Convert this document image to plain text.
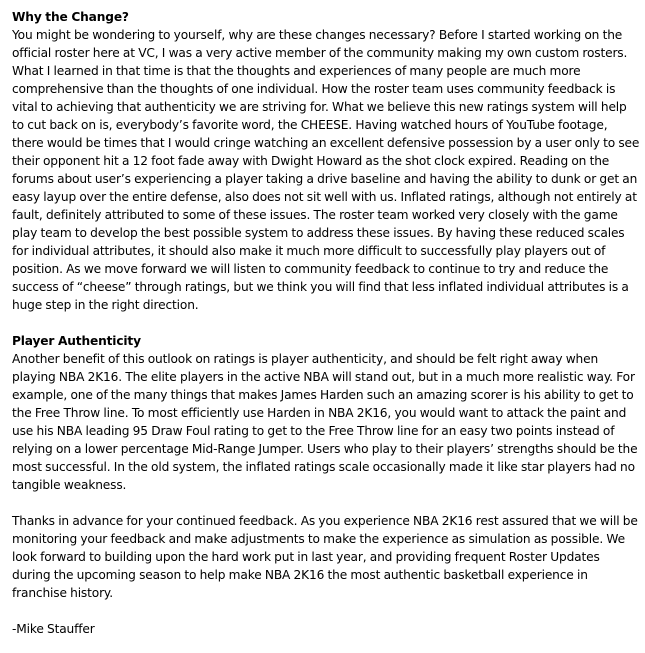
Why the Change?

You might be wondering to yourself, why are these changes necessary? Before I started working on the official roster here at VC, I was a very active member of the community making my own custom rosters. What I learned in that time is that the thoughts and experiences of many people are much more comprehensive than the thoughts of one individual. How the roster team uses community feedback is vital to achieving that authenticity we are striving for. What we believe this new ratings system will help to cut back on is, everybody’s favorite word, the CHEESE. Having watched hours of YouTube footage, there would be times that I would cringe watching an excellent defensive possession by a user only to see their opponent hit a 12 foot fade away with Dwight Howard as the shot clock expired. Reading on the forums about user’s experiencing a player taking a drive baseline and having the ability to dunk or get an easy layup over the entire defense, also does not sit well with us. Inflated ratings, although not entirely at fault, definitely attributed to some of these issues. The roster team worked very closely with the game play team to develop the best possible system to address these issues. By having these reduced scales for individual attributes, it should also make it much more difficult to successfully play players out of position. As we move forward we will listen to community feedback to continue to try and reduce the success of “cheese” through ratings, but we think you will find that less inflated individual attributes is a huge step in the right direction.

Player Authenticity

Another benefit of this outlook on ratings is player authenticity, and should be felt right away when playing NBA 2K16. The elite players in the active NBA will stand out, but in a much more realistic way. For example, one of the many things that makes James Harden such an amazing scorer is his ability to get to the Free Throw line. To most efficiently use Harden in NBA 2K16, you would want to attack the paint and use his NBA leading 95 Draw Foul rating to get to the Free Throw line for an easy two points instead of relying on a lower percentage Mid-Range Jumper. Users who play to their players’ strengths should be the most successful. In the old system, the inflated ratings scale occasionally made it like star players had no tangible weakness.

Thanks in advance for your continued feedback. As you experience NBA 2K16 rest assured that we will be monitoring your feedback and make adjustments to make the experience as simulation as possible. We look forward to building upon the hard work put in last year, and providing frequent Roster Updates during the upcoming season to help make NBA 2K16 the most authentic basketball experience in franchise history.

-Mike Stauffer
